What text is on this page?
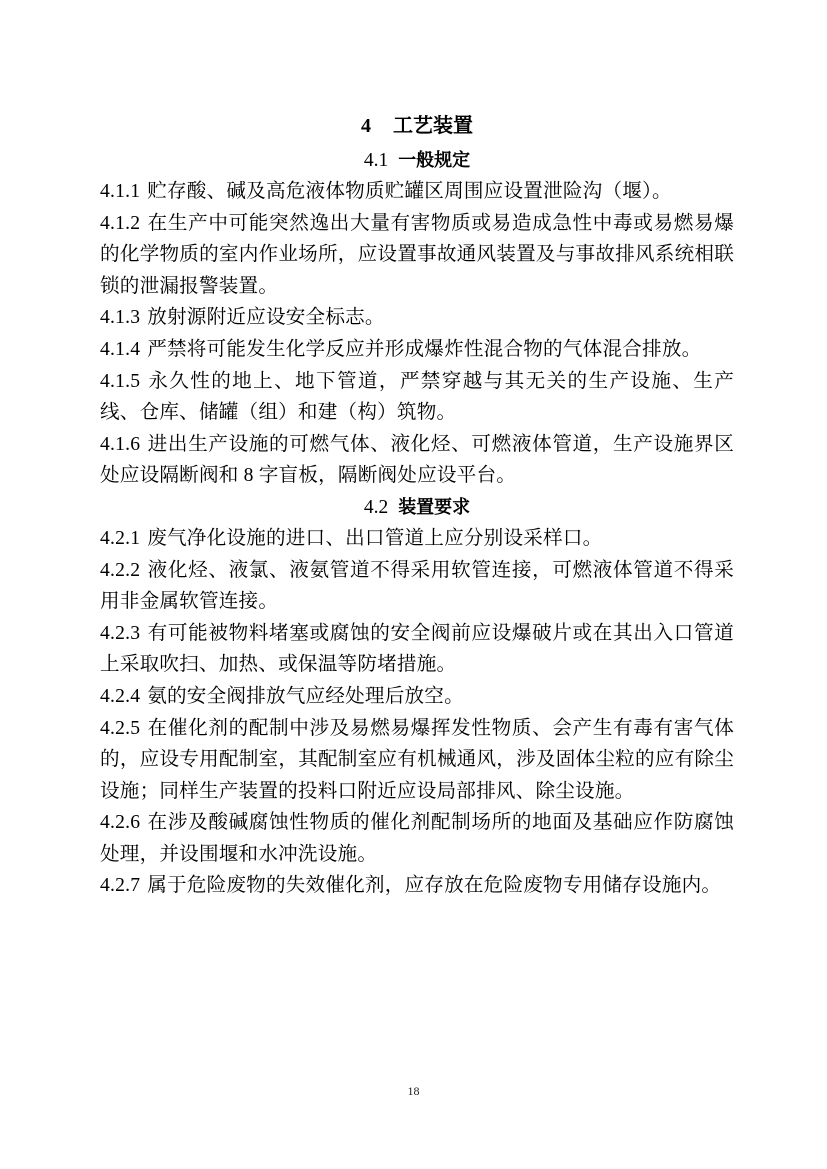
4 工艺装置
4.1 一般规定

4.1.1 贮存酸、碱及高危液体物质贮罐区周围应设置泄险沟（堰）。

4.1.2 在生产中可能突然逸出大量有害物质或易造成急性中毒或易燃易爆的化学物质的室内作业场所，应设置事故通风装置及与事故排风系统相联锁的泄漏报警装置。

4.1.3 放射源附近应设安全标志。

4.1.4 严禁将可能发生化学反应并形成爆炸性混合物的气体混合排放。

4.1.5 永久性的地上、地下管道，严禁穿越与其无关的生产设施、生产线、仓库、储罐（组）和建（构）筑物。

4.1.6 进出生产设施的可燃气体、液化烃、可燃液体管道，生产设施界区处应设隔断阀和 8 字盲板，隔断阀处应设平台。

4.2 装置要求

4.2.1 废气净化设施的进口、出口管道上应分别设采样口。

4.2.2 液化烃、液氯、液氨管道不得采用软管连接，可燃液体管道不得采用非金属软管连接。

4.2.3 有可能被物料堵塞或腐蚀的安全阀前应设爆破片或在其出入口管道上采取吹扫、加热、或保温等防堵措施。

4.2.4 氨的安全阀排放气应经处理后放空。

4.2.5 在催化剂的配制中涉及易燃易爆挥发性物质、会产生有毒有害气体的，应设专用配制室，其配制室应有机械通风，涉及固体尘粒的应有除尘设施；同样生产装置的投料口附近应设局部排风、除尘设施。

4.2.6 在涉及酸碱腐蚀性物质的催化剂配制场所的地面及基础应作防腐蚀处理，并设围堰和水冲洗设施。

4.2.7 属于危险废物的失效催化剂，应存放在危险废物专用储存设施内。

18
